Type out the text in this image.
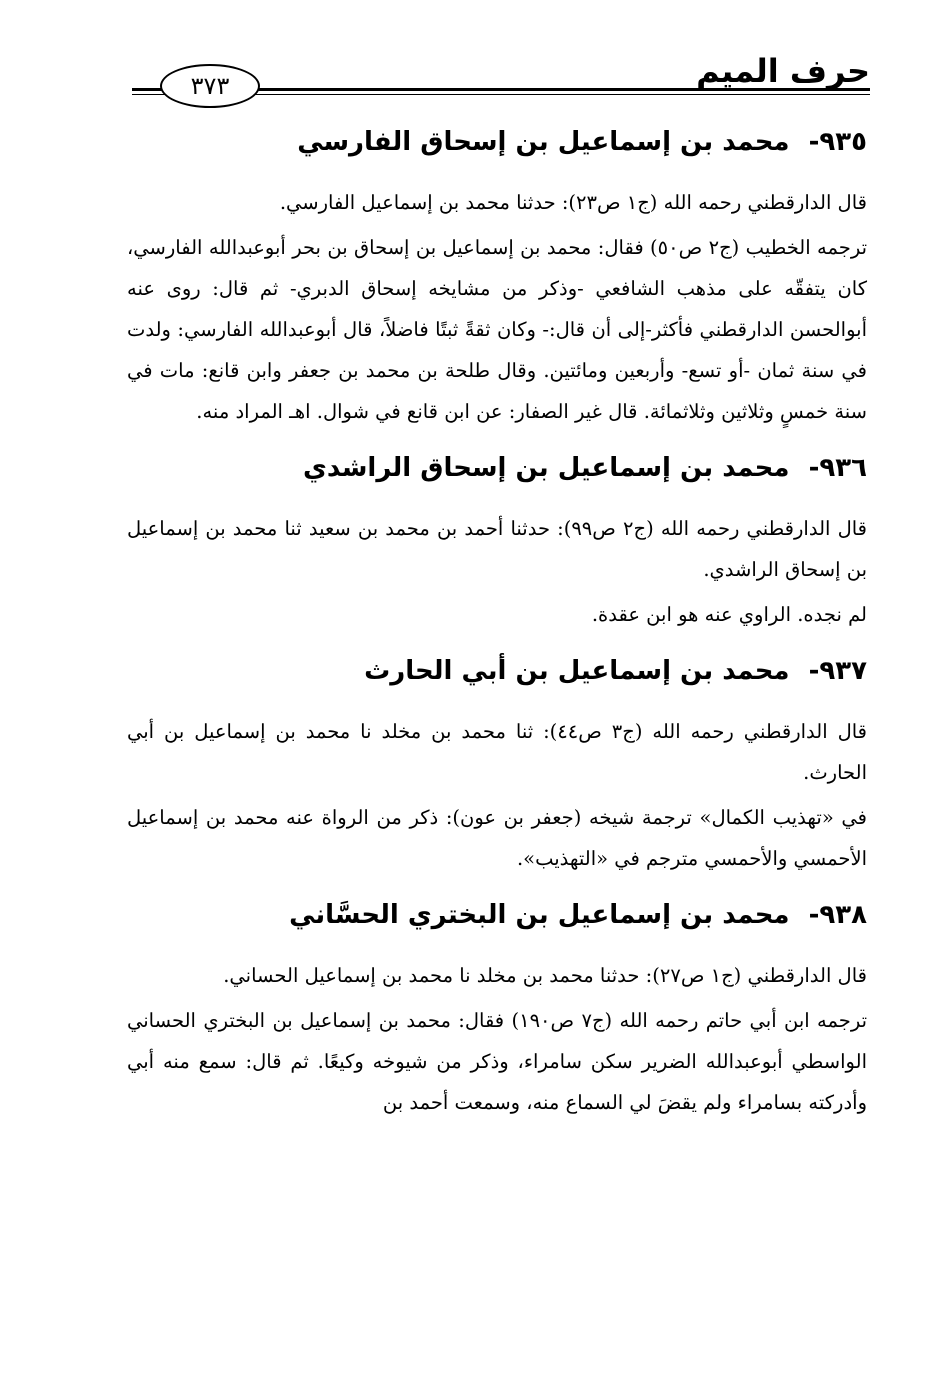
حرف الميم
٣٧٣
٩٣٥- محمد بن إسماعيل بن إسحاق الفارسي

قال الدارقطني رحمه الله (ج١ ص٢٣): حدثنا محمد بن إسماعيل الفارسي.

ترجمه الخطيب (ج٢ ص٥٠) فقال: محمد بن إسماعيل بن إسحاق بن بحر أبوعبدالله الفارسي، كان يتفقّه على مذهب الشافعي -وذكر من مشايخه إسحاق الدبري- ثم قال: روى عنه أبوالحسن الدارقطني فأكثر-إلى أن قال:- وكان ثقةً ثبتًا فاضلاً، قال أبوعبدالله الفارسي: ولدت في سنة ثمان -أو تسع- وأربعين ومائتين. وقال طلحة بن محمد بن جعفر وابن قانع: مات في سنة خمسٍ وثلاثين وثلاثمائة. قال غير الصفار: عن ابن قانع في شوال. اهـ المراد منه.

٩٣٦- محمد بن إسماعيل بن إسحاق الراشدي

قال الدارقطني رحمه الله (ج٢ ص٩٩): حدثنا أحمد بن محمد بن سعيد ثنا محمد بن إسماعيل بن إسحاق الراشدي.

لم نجده. الراوي عنه هو ابن عقدة.

٩٣٧- محمد بن إسماعيل بن أبي الحارث

قال الدارقطني رحمه الله (ج٣ ص٤٤): ثنا محمد بن مخلد نا محمد بن إسماعيل بن أبي الحارث.

في «تهذيب الكمال» ترجمة شيخه (جعفر بن عون): ذكر من الرواة عنه محمد بن إسماعيل الأحمسي والأحمسي مترجم في «التهذيب».

٩٣٨- محمد بن إسماعيل بن البختري الحسَّاني

قال الدارقطني (ج١ ص٢٧): حدثنا محمد بن مخلد نا محمد بن إسماعيل الحساني.

ترجمه ابن أبي حاتم رحمه الله (ج٧ ص١٩٠) فقال: محمد بن إسماعيل بن البختري الحساني الواسطي أبوعبدالله الضرير سكن سامراء، وذكر من شيوخه وكيعًا. ثم قال: سمع منه أبي وأدركته بسامراء ولم يقضَ لي السماع منه، وسمعت أحمد بن
